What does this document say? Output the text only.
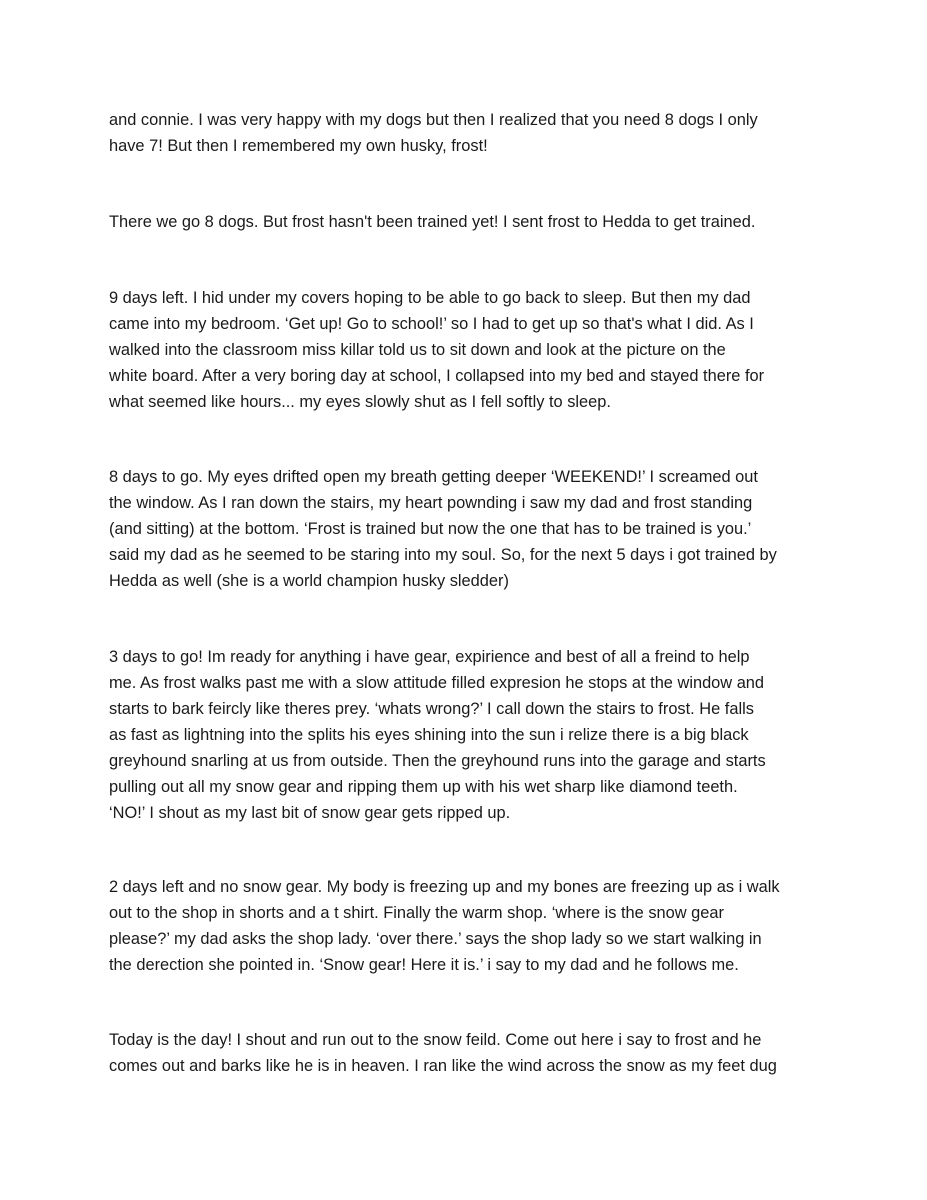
and connie. I was very happy with my dogs but then I realized that you need 8 dogs I only

have 7! But then I remembered my own husky, frost!

There we go 8 dogs. But frost hasn't been trained yet! I sent frost to Hedda to get trained.

9 days left. I hid under my covers hoping to be able to go back to sleep. But then my dad

came into my bedroom. ‘Get up! Go to school!’ so I had to get up so that's what I did. As I

walked into the classroom miss killar told us to sit down and look at the picture on the

white board. After a very boring day at school, I collapsed into my bed and stayed there for

what seemed like hours... my eyes slowly shut as I fell softly to sleep.

8 days to go. My eyes drifted open my breath getting deeper ‘WEEKEND!’ I screamed out

the window. As I ran down the stairs, my heart pownding i saw my dad and frost standing

(and sitting) at the bottom. ‘Frost is trained but now the one that has to be trained is you.’

said my dad as he seemed to be staring into my soul. So, for the next 5 days i got trained by

Hedda as well (she is a world champion husky sledder)

3 days to go! Im ready for anything i have gear, expirience and best of all a freind to help

me. As frost walks past me with a slow attitude filled expresion he stops at the window and

starts to bark feircly like theres prey. ‘whats wrong?’ I call down the stairs to frost. He falls

as fast as lightning into the splits his eyes shining into the sun i relize there is a big black

greyhound snarling at us from outside. Then the greyhound runs into the garage and starts

pulling out all my snow gear and ripping them up with his wet sharp like diamond teeth.

‘NO!’ I shout as my last bit of snow gear gets ripped up.

2 days left and no snow gear. My body is freezing up and my bones are freezing up as i walk

out to the shop in shorts and a t shirt. Finally the warm shop. ‘where is the snow gear

please?’ my dad asks the shop lady. ‘over there.’ says the shop lady so we start walking in

the derection she pointed in. ‘Snow gear! Here it is.’ i say to my dad and he follows me.

Today is the day! I shout and run out to the snow feild. Come out here i say to frost and he

comes out and barks like he is in heaven. I ran like the wind across the snow as my feet dug
